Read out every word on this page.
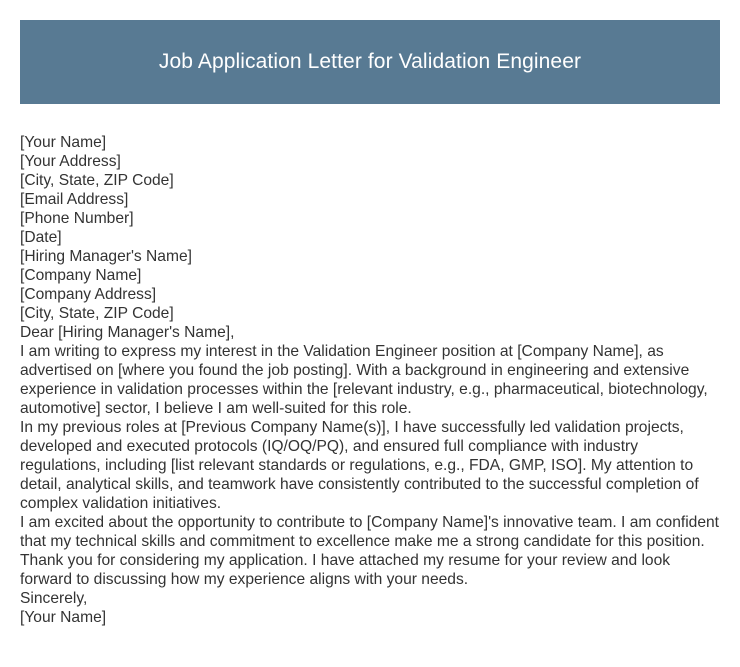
Job Application Letter for Validation Engineer
[Your Name]
[Your Address]
[City, State, ZIP Code]
[Email Address]
[Phone Number]
[Date]
[Hiring Manager's Name]
[Company Name]
[Company Address]
[City, State, ZIP Code]
Dear [Hiring Manager's Name],
I am writing to express my interest in the Validation Engineer position at [Company Name], as advertised on [where you found the job posting]. With a background in engineering and extensive experience in validation processes within the [relevant industry, e.g., pharmaceutical, biotechnology, automotive] sector, I believe I am well-suited for this role.
In my previous roles at [Previous Company Name(s)], I have successfully led validation projects, developed and executed protocols (IQ/OQ/PQ), and ensured full compliance with industry regulations, including [list relevant standards or regulations, e.g., FDA, GMP, ISO]. My attention to detail, analytical skills, and teamwork have consistently contributed to the successful completion of complex validation initiatives.
I am excited about the opportunity to contribute to [Company Name]'s innovative team. I am confident that my technical skills and commitment to excellence make me a strong candidate for this position.
Thank you for considering my application. I have attached my resume for your review and look forward to discussing how my experience aligns with your needs.
Sincerely,
[Your Name]
